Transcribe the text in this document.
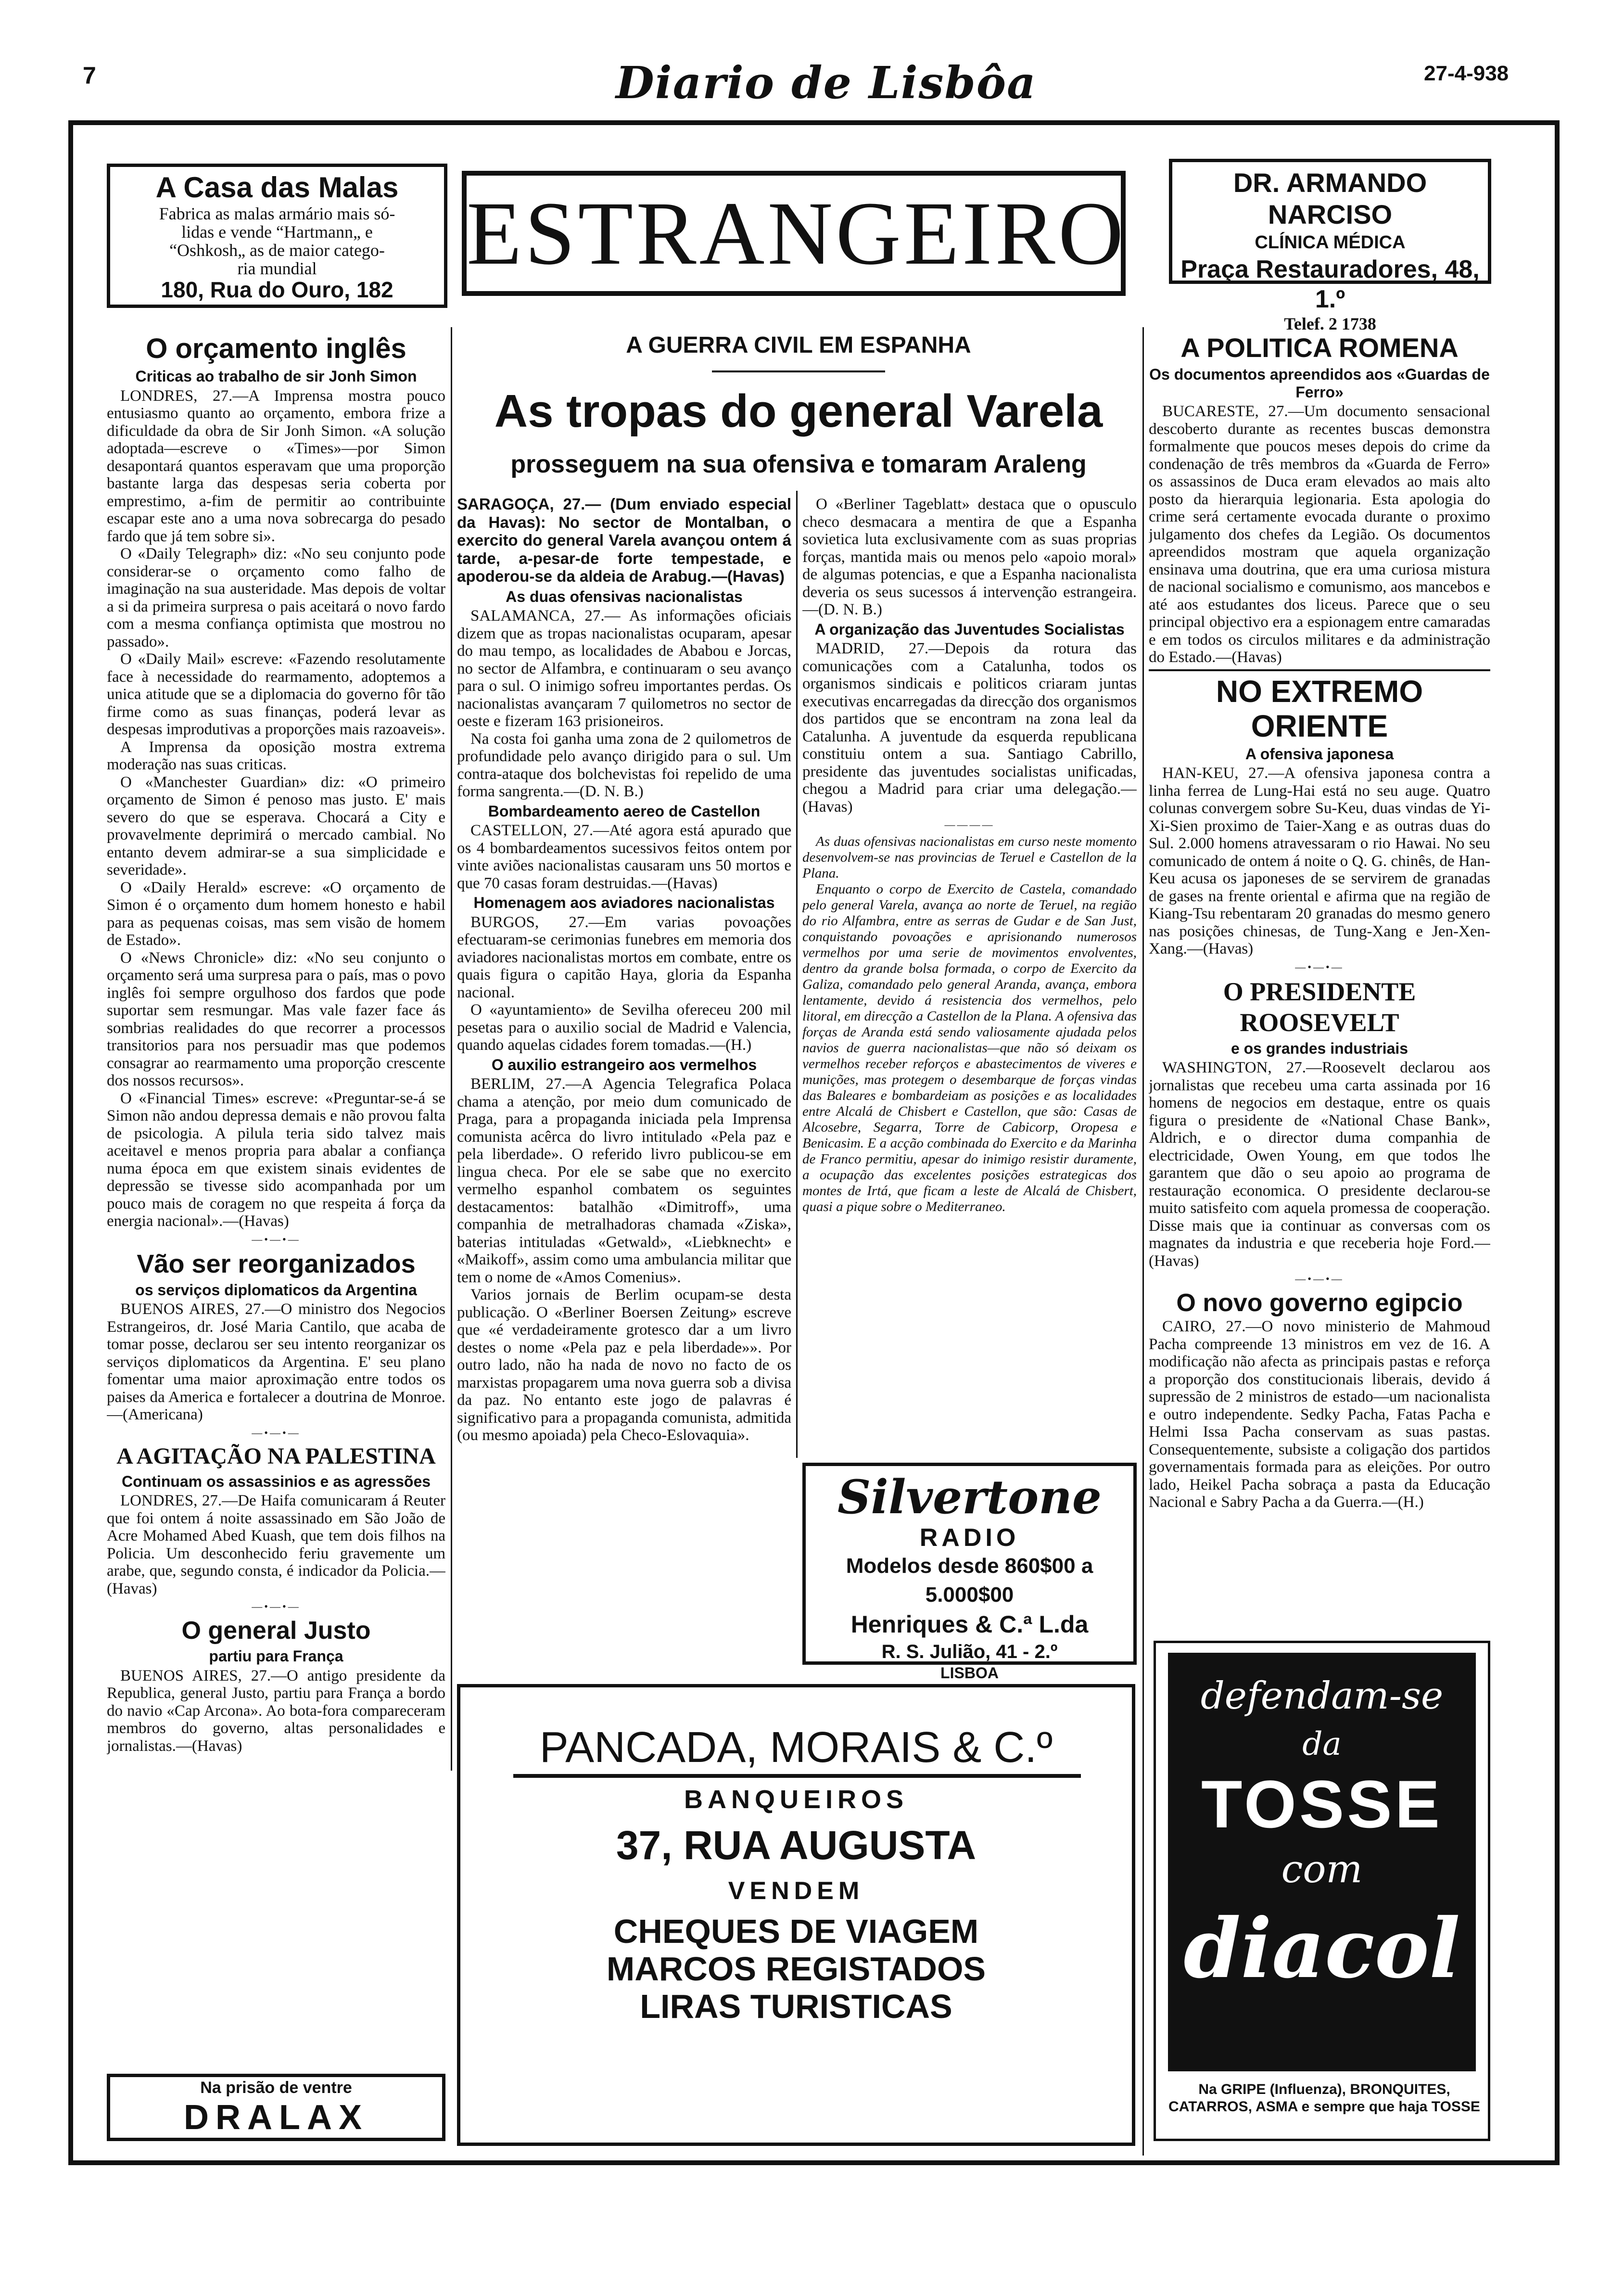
7	Diario de Lisbôa	27-4-938
A Casa das Malas
Fabrica as malas armário mais só-
lidas e vende “Hartmann„ e
“Oshkosh„ as de maior catego-
ria mundial
180, Rua do Ouro, 182
ESTRANGEIRO
DR. ARMANDO NARCISO
CLÍNICA MÉDICA
Praça Restauradores, 48, 1.º
Telef. 2 1738
O orçamento inglês
Criticas ao trabalho de sir Jonh Simon

LONDRES, 27.—A Imprensa mostra pouco entusiasmo quanto ao orçamento, embora frize a dificuldade da obra de Sir Jonh Simon. «A solução adoptada—escreve o «Times»—por Simon desapontará quantos esperavam que uma proporção bastante larga das despesas seria coberta por emprestimo, a-fim de permitir ao contribuinte escapar este ano a uma nova sobrecarga do pesado fardo que já tem sobre si».

O «Daily Telegraph» diz: «No seu conjunto pode considerar-se o orçamento como falho de imaginação na sua austeridade. Mas depois de voltar a si da primeira surpresa o pais aceitará o novo fardo com a mesma confiança optimista que mostrou no passado».

O «Daily Mail» escreve: «Fazendo resolutamente face à necessidade do rearmamento, adoptemos a unica atitude que se a diplomacia do governo fôr tão firme como as suas finanças, poderá levar as despesas improdutivas a proporções mais razoaveis».

A Imprensa da oposição mostra extrema moderação nas suas criticas.

O «Manchester Guardian» diz: «O primeiro orçamento de Simon é penoso mas justo. E' mais severo do que se esperava. Chocará a City e provavelmente deprimirá o mercado cambial. No entanto devem admirar-se a sua simplicidade e severidade».

O «Daily Herald» escreve: «O orçamento de Simon é o orçamento dum homem honesto e habil para as pequenas coisas, mas sem visão de homem de Estado».

O «News Chronicle» diz: «No seu conjunto o orçamento será uma surpresa para o país, mas o povo inglês foi sempre orgulhoso dos fardos que pode suportar sem resmungar. Mas vale fazer face ás sombrias realidades do que recorrer a processos transitorios para nos persuadir mas que podemos consagrar ao rearmamento uma proporção crescente dos nossos recursos».

O «Financial Times» escreve: «Preguntar-se-á se Simon não andou depressa demais e não provou falta de psicologia. A pilula teria sido talvez mais aceitavel e menos propria para abalar a confiança numa época em que existem sinais evidentes de depressão se tivesse sido acompanhada por um pouco mais de coragem no que respeita á força da energia nacional».—(Havas)

—•—•—
Vão ser reorganizados
os serviços diplomaticos da Argentina

BUENOS AIRES, 27.—O ministro dos Negocios Estrangeiros, dr. José Maria Cantilo, que acaba de tomar posse, declarou ser seu intento reorganizar os serviços diplomaticos da Argentina. E' seu plano fomentar uma maior aproximação entre todos os paises da America e fortalecer a doutrina de Monroe.—(Americana)

—•—•—
A AGITAÇÃO NA PALESTINA
Continuam os assassinios e as agressões

LONDRES, 27.—De Haifa comunicaram á Reuter que foi ontem á noite assassinado em São João de Acre Mohamed Abed Kuash, que tem dois filhos na Policia. Um desconhecido feriu gravemente um arabe, que, segundo consta, é indicador da Policia.—(Havas)

—•—•—
O general Justo
partiu para França

BUENOS AIRES, 27.—O antigo presidente da Republica, general Justo, partiu para França a bordo do navio «Cap Arcona». Ao bota-fora compareceram membros do governo, altas personalidades e jornalistas.—(Havas)

Na prisão de ventre
DRALAX
A GUERRA CIVIL EM ESPANHA
As tropas do general Varela
prosseguem na sua ofensiva e tomaram Araleng

SARAGOÇA, 27.— (Dum enviado especial da Havas): No sector de Montalban, o exercito do general Varela avançou ontem á tarde, a-pesar-de forte tempestade, e apoderou-se da aldeia de Arabug.—(Havas)

As duas ofensivas nacionalistas

SALAMANCA, 27.— As informações oficiais dizem que as tropas nacionalistas ocuparam, apesar do mau tempo, as localidades de Ababou e Jorcas, no sector de Alfambra, e continuaram o seu avanço para o sul. O inimigo sofreu importantes perdas. Os nacionalistas avançaram 7 quilometros no sector de oeste e fizeram 163 prisioneiros.

Na costa foi ganha uma zona de 2 quilometros de profundidade pelo avanço dirigido para o sul. Um contra-ataque dos bolchevistas foi repelido de uma forma sangrenta.—(D. N. B.)

Bombardeamento aereo de Castellon

CASTELLON, 27.—Até agora está apurado que os 4 bombardeamentos sucessivos feitos ontem por vinte aviões nacionalistas causaram uns 50 mortos e que 70 casas foram destruidas.—(Havas)

Homenagem aos aviadores nacionalistas

BURGOS, 27.—Em varias povoações efectuaram-se cerimonias funebres em memoria dos aviadores nacionalistas mortos em combate, entre os quais figura o capitão Haya, gloria da Espanha nacional.

O «ayuntamiento» de Sevilha ofereceu 200 mil pesetas para o auxilio social de Madrid e Valencia, quando aquelas cidades forem tomadas.—(H.)

O auxilio estrangeiro aos vermelhos

BERLIM, 27.—A Agencia Telegrafica Polaca chama a atenção, por meio dum comunicado de Praga, para a propaganda iniciada pela Imprensa comunista acêrca do livro intitulado «Pela paz e pela liberdade». O referido livro publicou-se em lingua checa. Por ele se sabe que no exercito vermelho espanhol combatem os seguintes destacamentos: batalhão «Dimitroff», uma companhia de metralhadoras chamada «Ziska», baterias intituladas «Getwald», «Liebknecht» e «Maikoff», assim como uma ambulancia militar que tem o nome de «Amos Comenius».

Varios jornais de Berlim ocupam-se desta publicação. O «Berliner Boersen Zeitung» escreve que «é verdadeiramente grotesco dar a um livro destes o nome «Pela paz e pela liberdade»». Por outro lado, não ha nada de novo no facto de os marxistas propagarem uma nova guerra sob a divisa da paz. No entanto este jogo de palavras é significativo para a propaganda comunista, admitida (ou mesmo apoiada) pela Checo-Eslovaquia».

O «Berliner Tageblatt» destaca que o opusculo checo desmacara a mentira de que a Espanha sovietica luta exclusivamente com as suas proprias forças, mantida mais ou menos pelo «apoio moral» de algumas potencias, e que a Espanha nacionalista deveria os seus sucessos á intervenção estrangeira.—(D. N. B.)

A organização das Juventudes Socialistas

MADRID, 27.—Depois da rotura das comunicações com a Catalunha, todos os organismos sindicais e politicos criaram juntas executivas encarregadas da direcção dos organismos dos partidos que se encontram na zona leal da Catalunha. A juventude da esquerda republicana constituiu ontem a sua. Santiago Cabrillo, presidente das juventudes socialistas unificadas, chegou a Madrid para criar uma delegação.—(Havas)

————

As duas ofensivas nacionalistas em curso neste momento desenvolvem-se nas provincias de Teruel e Castellon de la Plana.

Enquanto o corpo de Exercito de Castela, comandado pelo general Varela, avança ao norte de Teruel, na região do rio Alfambra, entre as serras de Gudar e de San Just, conquistando povoações e aprisionando numerosos vermelhos por uma serie de movimentos envolventes, dentro da grande bolsa formada, o corpo de Exercito da Galiza, comandado pelo general Aranda, avança, embora lentamente, devido á resistencia dos vermelhos, pelo litoral, em direcção a Castellon de la Plana. A ofensiva das forças de Aranda está sendo valiosamente ajudada pelos navios de guerra nacionalistas—que não só deixam os vermelhos receber reforços e abastecimentos de viveres e munições, mas protegem o desembarque de forças vindas das Baleares e bombardeiam as posições e as localidades entre Alcalá de Chisbert e Castellon, que são: Casas de Alcosebre, Segarra, Torre de Cabicorp, Oropesa e Benicasim. E a acção combinada do Exercito e da Marinha de Franco permitiu, apesar do inimigo resistir duramente, a ocupação das excelentes posições estrategicas dos montes de Irtá, que ficam a leste de Alcalá de Chisbert, quasi a pique sobre o Mediterraneo.

Silvertone
RADIO
Modelos desde 860$00 a 5.000$00
Henriques & C.ª L.da
R. S. Julião, 41 - 2.º
LISBOA
PANCADA, MORAIS & C.º
BANQUEIROS
37, RUA AUGUSTA
VENDEM
CHEQUES DE VIAGEM
MARCOS REGISTADOS
LIRAS TURISTICAS
A POLITICA ROMENA
Os documentos apreendidos aos «Guardas de Ferro»

BUCARESTE, 27.—Um documento sensacional descoberto durante as recentes buscas demonstra formalmente que poucos meses depois do crime da condenação de três membros da «Guarda de Ferro» os assassinos de Duca eram elevados ao mais alto posto da hierarquia legionaria. Esta apologia do crime será certamente evocada durante o proximo julgamento dos chefes da Legião. Os documentos apreendidos mostram que aquela organização ensinava uma doutrina, que era uma curiosa mistura de nacional socialismo e comunismo, aos mancebos e até aos estudantes dos liceus. Parece que o seu principal objectivo era a espionagem entre camaradas e em todos os circulos militares e da administração do Estado.—(Havas)

NO EXTREMO ORIENTE
A ofensiva japonesa

HAN-KEU, 27.—A ofensiva japonesa contra a linha ferrea de Lung-Hai está no seu auge. Quatro colunas convergem sobre Su-Keu, duas vindas de Yi-Xi-Sien proximo de Taier-Xang e as outras duas do Sul. 2.000 homens atravessaram o rio Hawai. No seu comunicado de ontem á noite o Q. G. chinês, de Han-Keu acusa os japoneses de se servirem de granadas de gases na frente oriental e afirma que na região de Kiang-Tsu rebentaram 20 granadas do mesmo genero nas posições chinesas, de Tung-Xang e Jen-Xen-Xang.—(Havas)

—•—•—
O PRESIDENTE ROOSEVELT
e os grandes industriais

WASHINGTON, 27.—Roosevelt declarou aos jornalistas que recebeu uma carta assinada por 16 homens de negocios em destaque, entre os quais figura o presidente de «National Chase Bank», Aldrich, e o director duma companhia de electricidade, Owen Young, em que todos lhe garantem que dão o seu apoio ao programa de restauração economica. O presidente declarou-se muito satisfeito com aquela promessa de cooperação. Disse mais que ia continuar as conversas com os magnates da industria e que receberia hoje Ford.—(Havas)

—•—•—
O novo governo egipcio

CAIRO, 27.—O novo ministerio de Mahmoud Pacha compreende 13 ministros em vez de 16. A modificação não afecta as principais pastas e reforça a proporção dos constitucionais liberais, devido á supressão de 2 ministros de estado—um nacionalista e outro independente. Sedky Pacha, Fatas Pacha e Helmi Issa Pacha conservam as suas pastas. Consequentemente, subsiste a coligação dos partidos governamentais formada para as eleições. Por outro lado, Heikel Pacha sobraça a pasta da Educação Nacional e Sabry Pacha a da Guerra.—(H.)

defendam-se
da
TOSSE
com
diacol
Na GRIPE (Influenza), BRONQUITES, CATARROS, ASMA e sempre que haja TOSSE
